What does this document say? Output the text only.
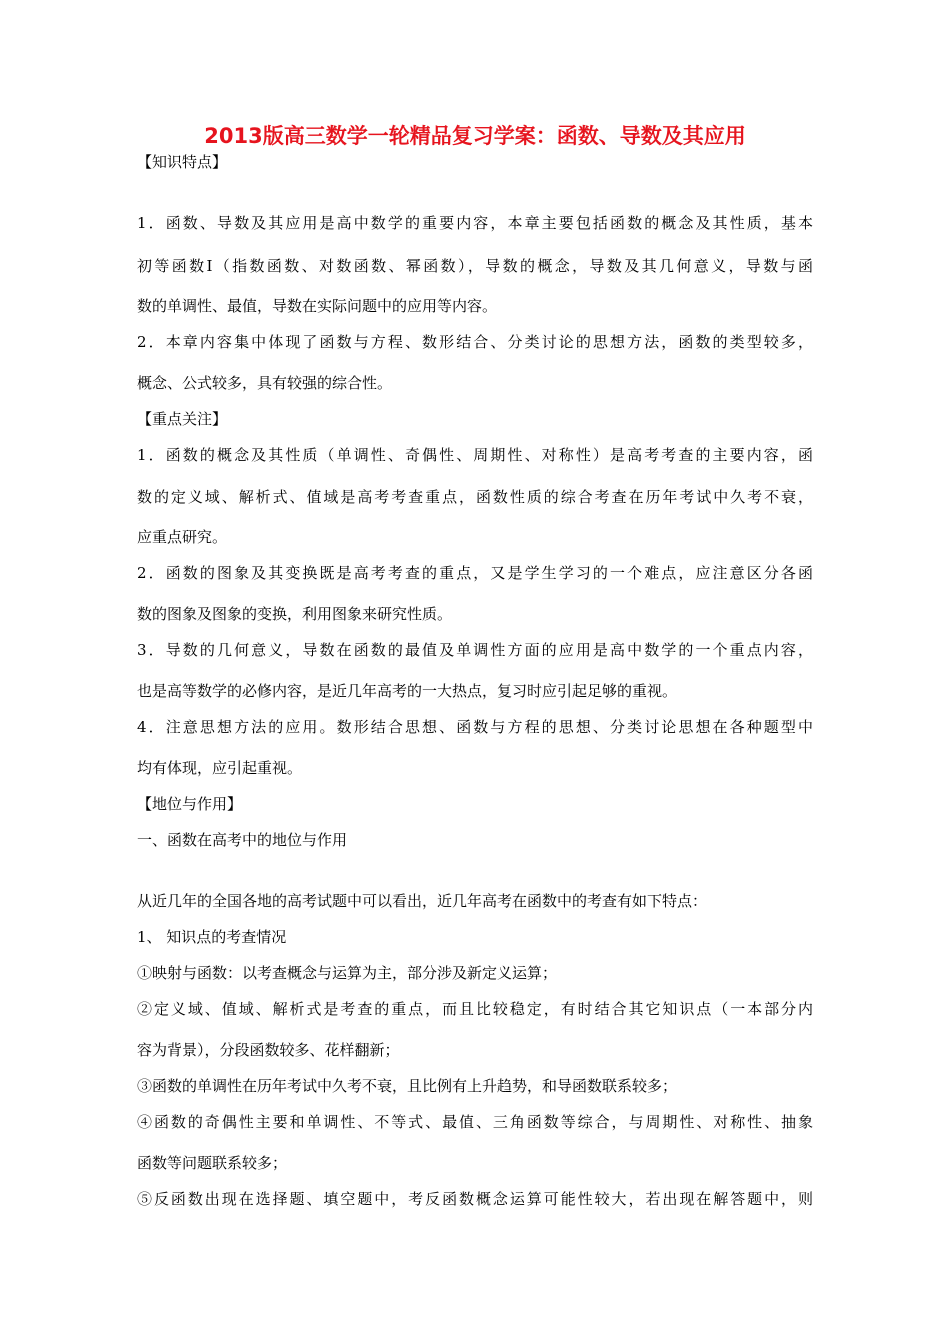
2013版高三数学一轮精品复习学案：函数、导数及其应用
【知识特点】
1．函数、导数及其应用是高中数学的重要内容，本章主要包括函数的概念及其性质，基本
初等函数Ⅰ（指数函数、对数函数、幂函数），导数的概念，导数及其几何意义，导数与函
数的单调性、最值，导数在实际问题中的应用等内容。
2．本章内容集中体现了函数与方程、数形结合、分类讨论的思想方法，函数的类型较多，
概念、公式较多，具有较强的综合性。
【重点关注】
1．函数的概念及其性质（单调性、奇偶性、周期性、对称性）是高考考查的主要内容，函
数的定义域、解析式、值域是高考考查重点，函数性质的综合考查在历年考试中久考不衰，
应重点研究。
2．函数的图象及其变换既是高考考查的重点，又是学生学习的一个难点，应注意区分各函
数的图象及图象的变换，利用图象来研究性质。
3．导数的几何意义，导数在函数的最值及单调性方面的应用是高中数学的一个重点内容，
也是高等数学的必修内容，是近几年高考的一大热点，复习时应引起足够的重视。
4．注意思想方法的应用。数形结合思想、函数与方程的思想、分类讨论思想在各种题型中
均有体现，应引起重视。
【地位与作用】
一、函数在高考中的地位与作用
从近几年的全国各地的高考试题中可以看出，近几年高考在函数中的考查有如下特点：
1、 知识点的考查情况
①映射与函数：以考查概念与运算为主，部分涉及新定义运算；
②定义域、值域、解析式是考查的重点，而且比较稳定，有时结合其它知识点（一本部分内
容为背景），分段函数较多、花样翻新；
③函数的单调性在历年考试中久考不衰，且比例有上升趋势，和导函数联系较多；
④函数的奇偶性主要和单调性、不等式、最值、三角函数等综合，与周期性、对称性、抽象
函数等问题联系较多；
⑤反函数出现在选择题、填空题中，考反函数概念运算可能性较大，若出现在解答题中，则
